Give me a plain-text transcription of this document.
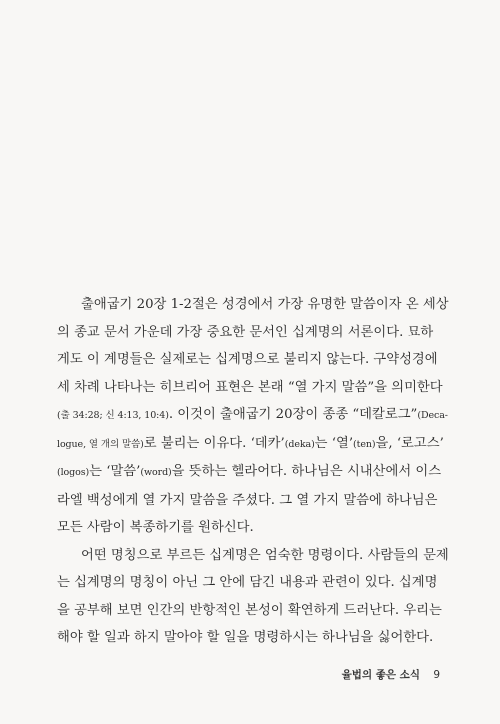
출애굽기 20장 1-2절은 성경에서 가장 유명한 말씀이자 온 세상
의 종교 문서 가운데 가장 중요한 문서인 십계명의 서론이다. 묘하
게도 이 계명들은 실제로는 십계명으로 불리지 않는다. 구약성경에
세 차례 나타나는 히브리어 표현은 본래 “열 가지 말씀”을 의미한다
(출 34:28; 신 4:13, 10:4). 이것이 출애굽기 20장이 종종 “데칼로그”(Deca-
logue, 열 개의 말씀)로 불리는 이유다. ‘데카’(deka)는 ‘열’(ten)을, ‘로고스’
(logos)는 ‘말씀’(word)을 뜻하는 헬라어다. 하나님은 시내산에서 이스
라엘 백성에게 열 가지 말씀을 주셨다. 그 열 가지 말씀에 하나님은
모든 사람이 복종하기를 원하신다.

어떤 명칭으로 부르든 십계명은 엄숙한 명령이다. 사람들의 문제
는 십계명의 명칭이 아닌 그 안에 담긴 내용과 관련이 있다. 십계명
을 공부해 보면 인간의 반항적인 본성이 확연하게 드러난다. 우리는
해야 할 일과 하지 말아야 할 일을 명령하시는 하나님을 싫어한다.

율법의 좋은 소식 9
